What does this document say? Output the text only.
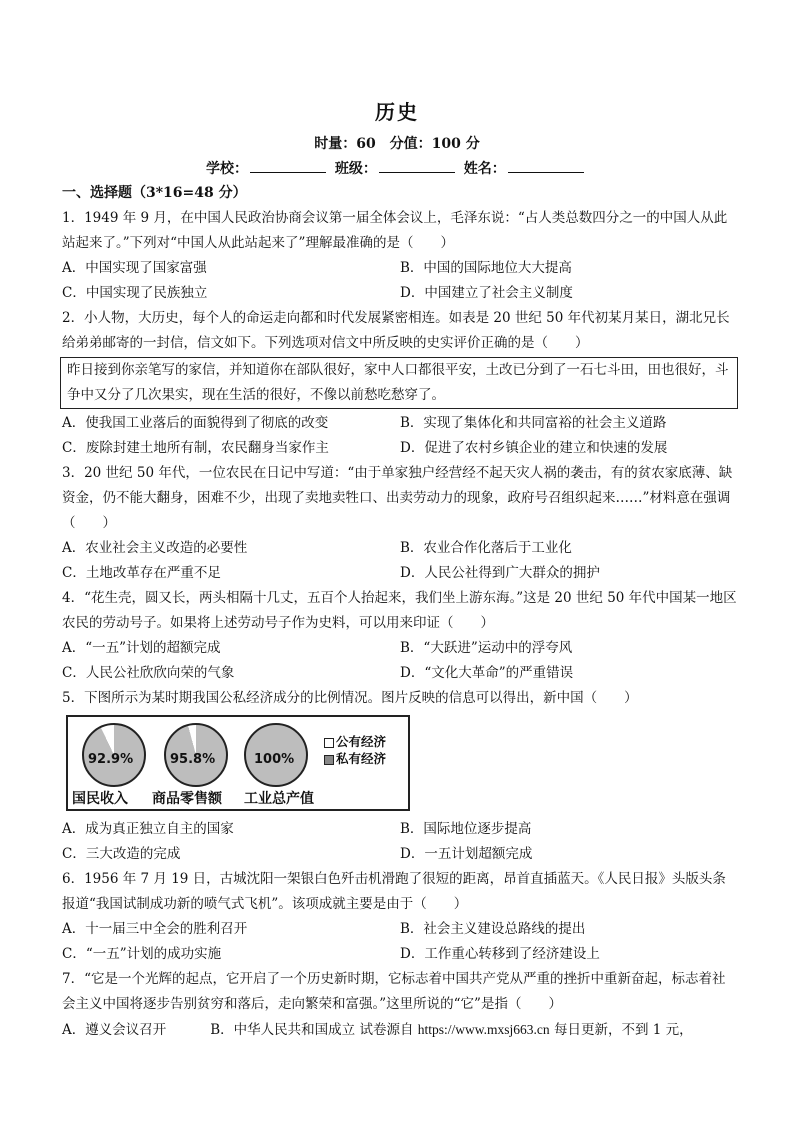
历史
时量：60　分值：100 分
学校：	班级：	姓名：
一、选择题（3*16=48 分）

1．1949 年 9 月，在中国人民政治协商会议第一届全体会议上，毛泽东说：“占人类总数四分之一的中国人从此站起来了。”下列对“中国人从此站起来了”理解最准确的是（　　）

A．中国实现了国家富强	B．中国的国际地位大大提高
C．中国实现了民族独立	D．中国建立了社会主义制度

2．小人物，大历史，每个人的命运走向都和时代发展紧密相连。如表是 20 世纪 50 年代初某月某日，湖北兄长给弟弟邮寄的一封信，信文如下。下列选项对信文中所反映的史实评价正确的是（　　）

昨日接到你亲笔写的家信，并知道你在部队很好，家中人口都很平安，土改已分到了一石七斗田，田也很好，斗争中又分了几次果实，现在生活的很好，不像以前愁吃愁穿了。
A．使我国工业落后的面貌得到了彻底的改变	B．实现了集体化和共同富裕的社会主义道路
C．废除封建土地所有制，农民翻身当家作主	D．促进了农村乡镇企业的建立和快速的发展

3．20 世纪 50 年代，一位农民在日记中写道：“由于单家独户经营经不起天灾人祸的袭击，有的贫农家底薄、缺资金，仍不能大翻身，困难不少，出现了卖地卖牲口、出卖劳动力的现象，政府号召组织起来……”材料意在强调（　　）

A．农业社会主义改造的必要性	B．农业合作化落后于工业化
C．土地改革存在严重不足	D．人民公社得到广大群众的拥护

4．“花生壳，圆又长，两头相隔十几丈，五百个人抬起来，我们坐上游东海。”这是 20 世纪 50 年代中国某一地区农民的劳动号子。如果将上述劳动号子作为史料，可以用来印证（　　）

A．“一五”计划的超额完成	B．“大跃进”运动中的浮夸风
C．人民公社欣欣向荣的气象	D．“文化大革命”的严重错误

5．下图所示为某时期我国公私经济成分的比例情况。图片反映的信息可以得出，新中国（　　）

92.9%
国民收入
95.8%
商品零售额
100%
工业总产值
公有经济
私有经济
A．成为真正独立自主的国家	B．国际地位逐步提高
C．三大改造的完成	D．一五计划超额完成

6．1956 年 7 月 19 日，古城沈阳一架银白色歼击机滑跑了很短的距离，昂首直插蓝天。《人民日报》头版头条报道“我国试制成功新的喷气式飞机”。该项成就主要是由于（　　）

A．十一届三中全会的胜利召开	B．社会主义建设总路线的提出
C．“一五”计划的成功实施	D．工作重心转移到了经济建设上

7．“它是一个光辉的起点，它开启了一个历史新时期，它标志着中国共产党从严重的挫折中重新奋起，标志着社会主义中国将逐步告别贫穷和落后，走向繁荣和富强。”这里所说的“它”是指（　　）

A．遵义会议召开	B．中华人民共和国成立 试卷源自 https://www.mxsj663.cn 每日更新，不到 1 元，
